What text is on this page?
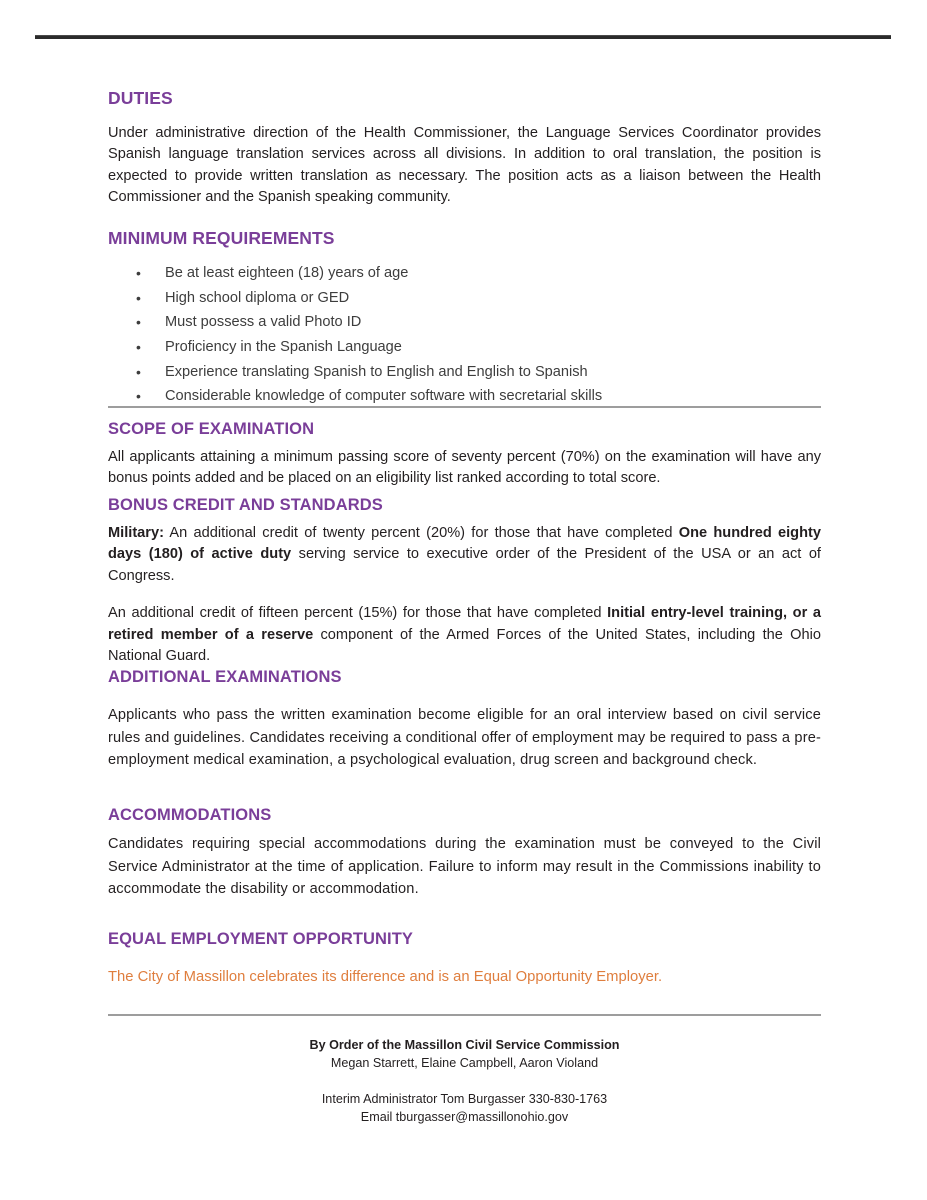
DUTIES

Under administrative direction of the Health Commissioner, the Language Services Coordinator provides Spanish language translation services across all divisions. In addition to oral translation, the position is expected to provide written translation as necessary. The position acts as a liaison between the Health Commissioner and the Spanish speaking community.

MINIMUM REQUIREMENTS
• Be at least eighteen (18) years of age
• High school diploma or GED
• Must possess a valid Photo ID
• Proficiency in the Spanish Language
• Experience translating Spanish to English and English to Spanish
• Considerable knowledge of computer software with secretarial skills
SCOPE OF EXAMINATION

All applicants attaining a minimum passing score of seventy percent (70%) on the examination will have any bonus points added and be placed on an eligibility list ranked according to total score.

BONUS CREDIT AND STANDARDS

Military: An additional credit of twenty percent (20%) for those that have completed One hundred eighty days (180) of active duty serving service to executive order of the President of the USA or an act of Congress.

An additional credit of fifteen percent (15%) for those that have completed Initial entry-level training, or a retired member of a reserve component of the Armed Forces of the United States, including the Ohio National Guard.

ADDITIONAL EXAMINATIONS

Applicants who pass the written examination become eligible for an oral interview based on civil service rules and guidelines. Candidates receiving a conditional offer of employment may be required to pass a pre-employment medical examination, a psychological evaluation, drug screen and background check.

ACCOMMODATIONS

Candidates requiring special accommodations during the examination must be conveyed to the Civil Service Administrator at the time of application. Failure to inform may result in the Commissions inability to accommodate the disability or accommodation.

EQUAL EMPLOYMENT OPPORTUNITY

The City of Massillon celebrates its difference and is an Equal Opportunity Employer.

By Order of the Massillon Civil Service Commission
Megan Starrett, Elaine Campbell, Aaron Violand
Interim Administrator Tom Burgasser 330-830-1763
Email tburgasser@massillonohio.gov
